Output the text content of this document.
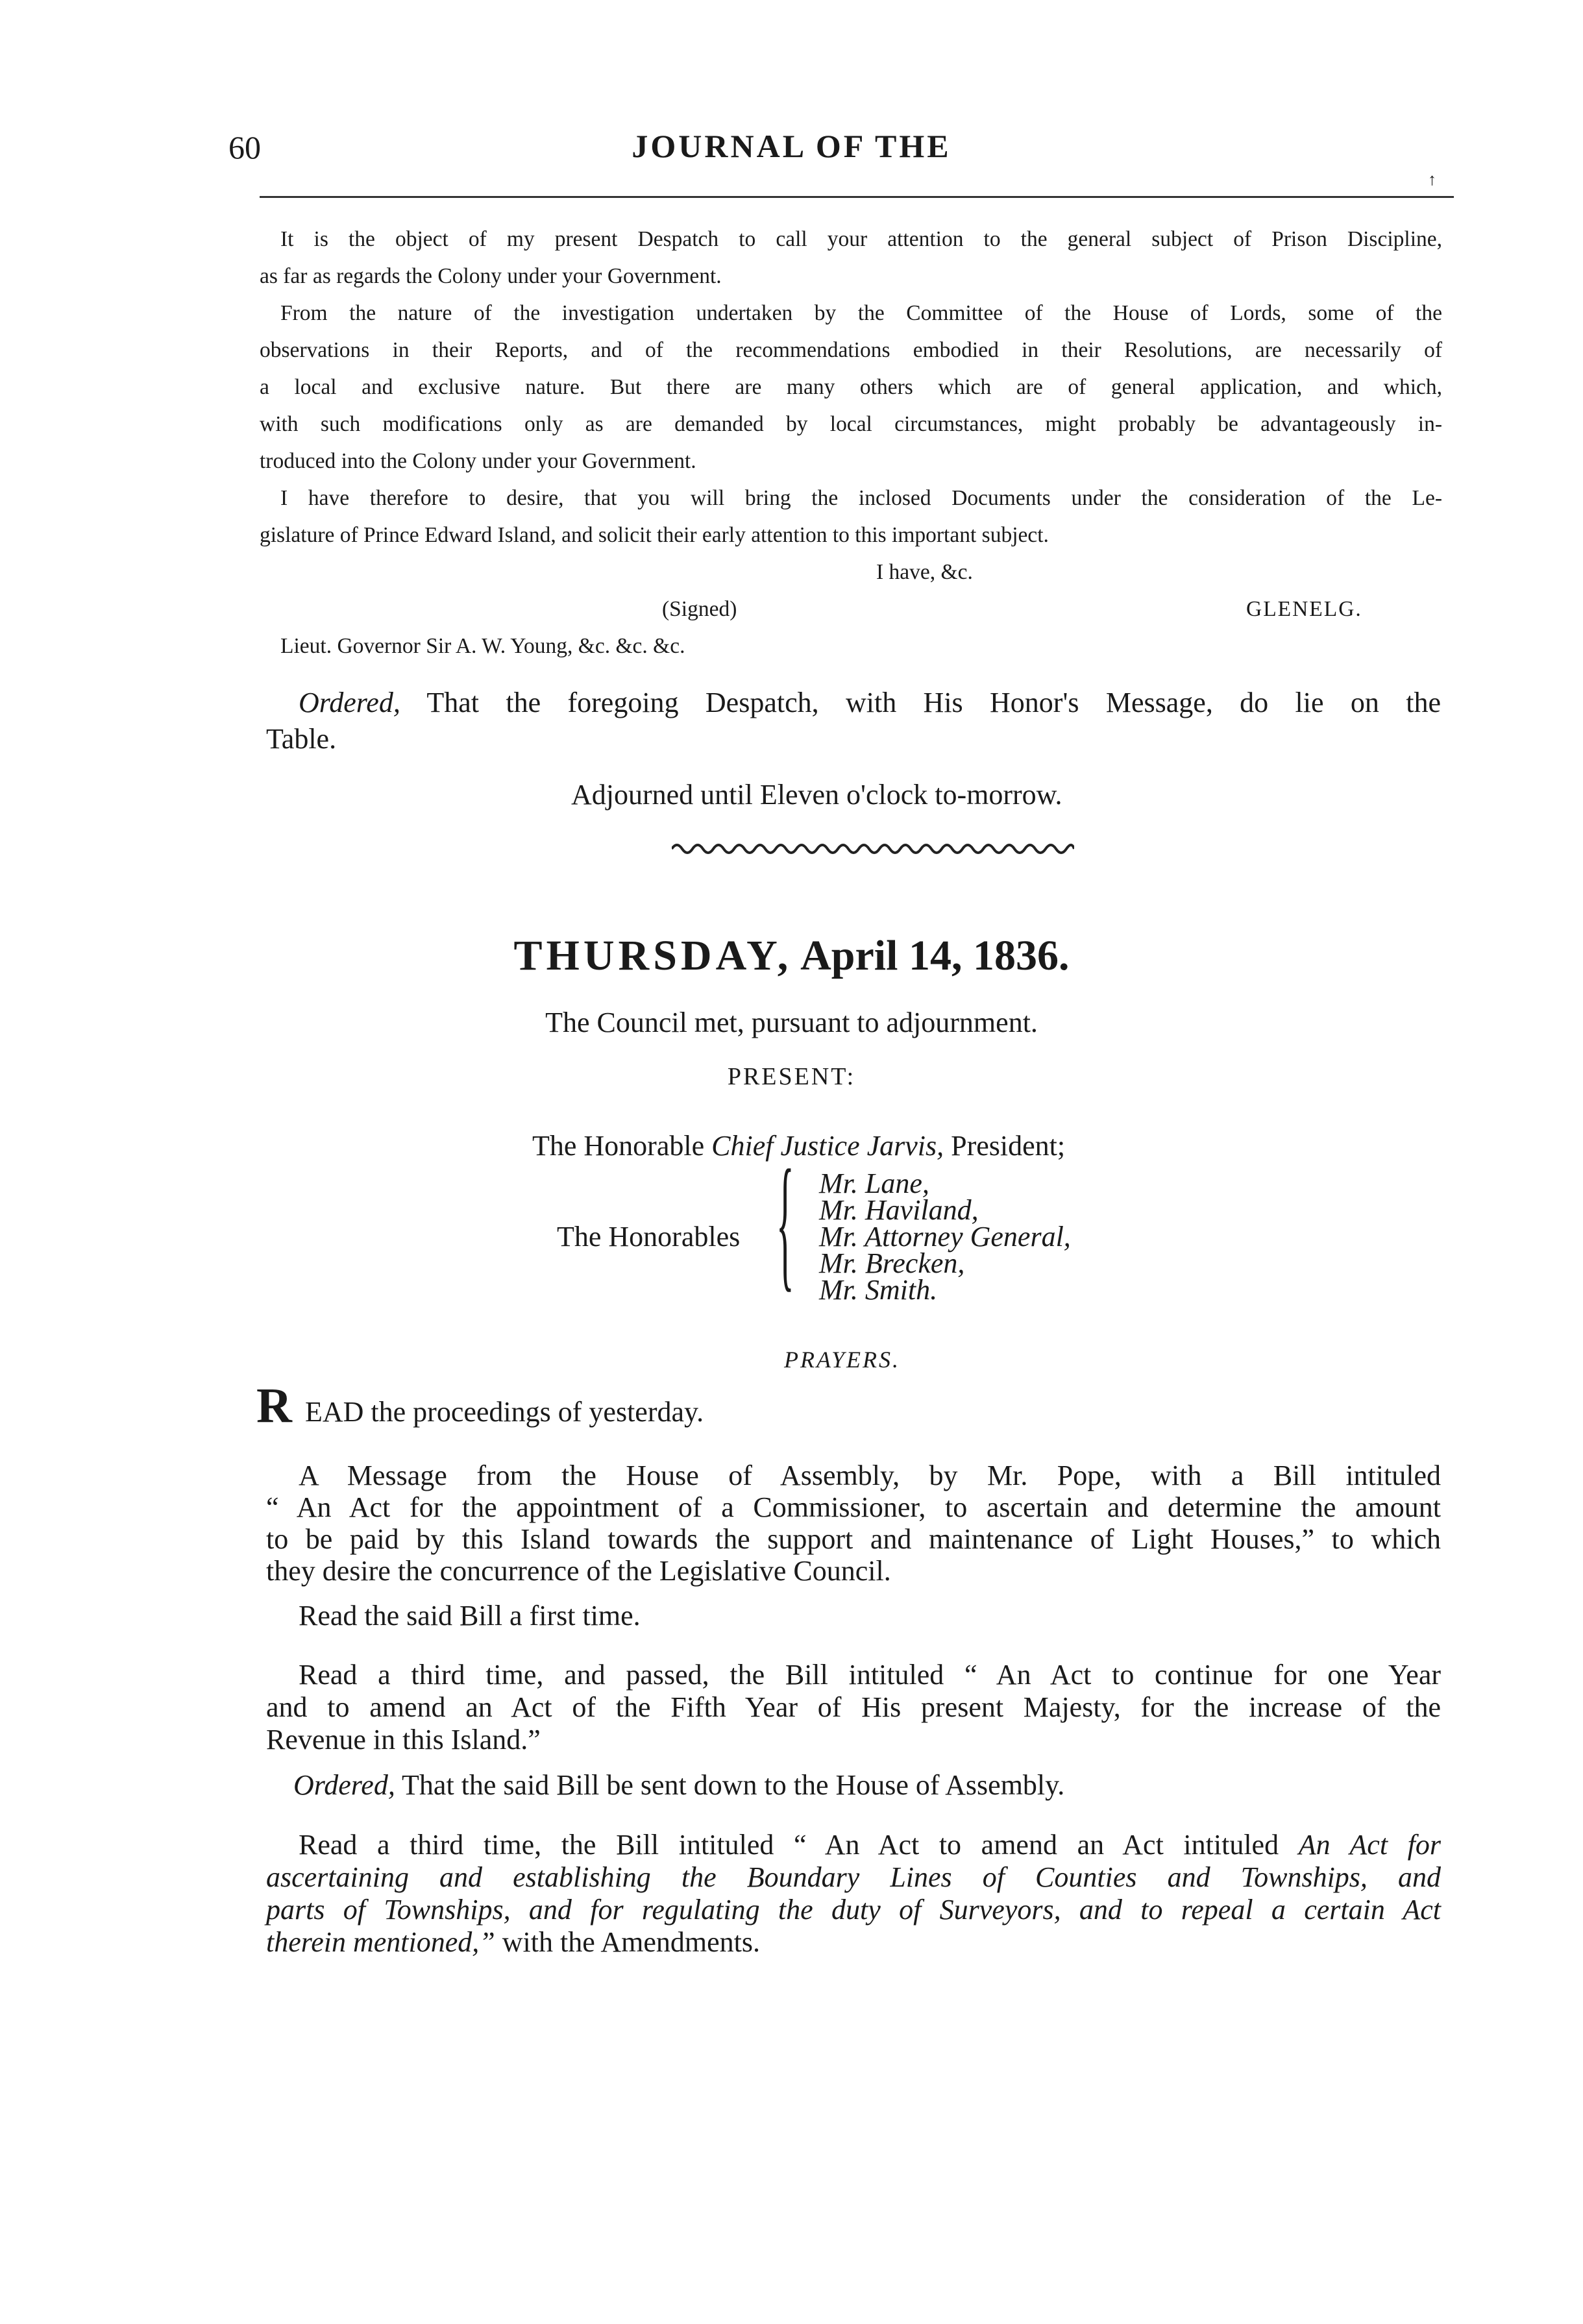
60	JOURNAL OF THE
↑
It is the object of my present Despatch to call your attention to the general subject of Prison Discipline,
as far as regards the Colony under your Government.
From the nature of the investigation undertaken by the Committee of the House of Lords, some of the
observations in their Reports, and of the recommendations embodied in their Resolutions, are necessarily of
a local and exclusive nature. But there are many others which are of general application, and which,
with such modifications only as are demanded by local circumstances, might probably be advantageously in-
troduced into the Colony under your Government.
I have therefore to desire, that you will bring the inclosed Documents under the consideration of the Le-
gislature of Prince Edward Island, and solicit their early attention to this important subject.
I have, &c.
(Signed)	GLENELG.
Lieut. Governor Sir A. W. Young, &c. &c. &c.
Ordered, That the foregoing Despatch, with His Honor's Message, do lie on the
Table.
Adjourned until Eleven o'clock to-morrow.
THURSDAY, April 14, 1836.
The Council met, pursuant to adjournment.
PRESENT:
The Honorable Chief Justice Jarvis, President;
The Honorables { Mr. Lane,
Mr. Haviland,
Mr. Attorney General,
Mr. Brecken,
Mr. Smith.
PRAYERS.
R EAD the proceedings of yesterday.
A Message from the House of Assembly, by Mr. Pope, with a Bill intituled
“ An Act for the appointment of a Commissioner, to ascertain and determine the amount
to be paid by this Island towards the support and maintenance of Light Houses,” to which
they desire the concurrence of the Legislative Council.
Read the said Bill a first time.
Read a third time, and passed, the Bill intituled “ An Act to continue for one Year
and to amend an Act of the Fifth Year of His present Majesty, for the increase of the
Revenue in this Island.”
Ordered, That the said Bill be sent down to the House of Assembly.
Read a third time, the Bill intituled “ An Act to amend an Act intituled An Act for
ascertaining and establishing the Boundary Lines of Counties and Townships, and
parts of Townships, and for regulating the duty of Surveyors, and to repeal a certain Act
therein mentioned,” with the Amendments.
